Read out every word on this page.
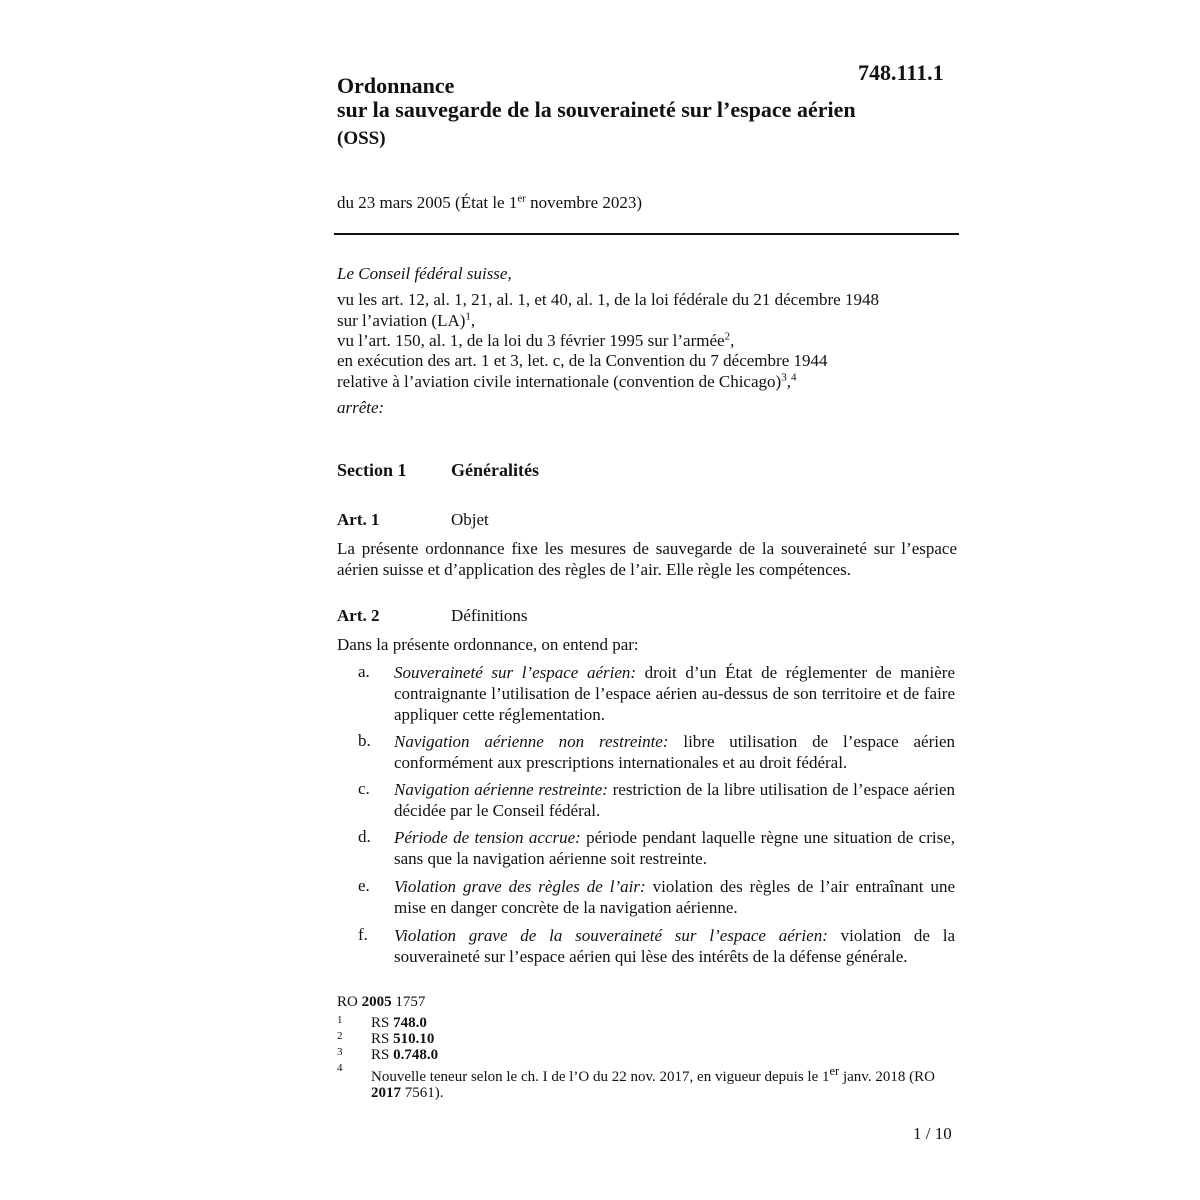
748.111.1
Ordonnance
sur la sauvegarde de la souveraineté sur l’espace aérien
(OSS)
du 23 mars 2005 (État le 1er novembre 2023)
Le Conseil fédéral suisse,
vu les art. 12, al. 1, 21, al. 1, et 40, al. 1, de la loi fédérale du 21 décembre 1948
sur l’aviation (LA)$^1$,
vu l’art. 150, al. 1, de la loi du 3 février 1995 sur l’armée$^2$,
en exécution des art. 1 et 3, let. c, de la Convention du 7 décembre 1944
relative à l’aviation civile internationale (convention de Chicago)$^3$,$^4$
arrête:
Section 1 Généralités
Art. 1	Objet
La présente ordonnance fixe les mesures de sauvegarde de la souveraineté sur l’espace aérien suisse et d’application des règles de l’air. Elle règle les compétences.
Art. 2	Définitions
Dans la présente ordonnance, on entend par:
a. Souveraineté sur l’espace aérien: droit d’un État de réglementer de manière contraignante l’utilisation de l’espace aérien au-dessus de son territoire et de faire appliquer cette réglementation.
b. Navigation aérienne non restreinte: libre utilisation de l’espace aérien conformément aux prescriptions internationales et au droit fédéral.
c. Navigation aérienne restreinte: restriction de la libre utilisation de l’espace aérien décidée par le Conseil fédéral.
d. Période de tension accrue: période pendant laquelle règne une situation de crise, sans que la navigation aérienne soit restreinte.
e. Violation grave des règles de l’air: violation des règles de l’air entraînant une mise en danger concrète de la navigation aérienne.
f. Violation grave de la souveraineté sur l’espace aérien: violation de la souveraineté sur l’espace aérien qui lèse des intérêts de la défense générale.
RO 2005 1757
1 RS 748.0
2 RS 510.10
3 RS 0.748.0
4
Nouvelle teneur selon le ch. I de l’O du 22 nov. 2017, en vigueur depuis le 1er janv. 2018 (RO 2017 7561).
1 / 10
